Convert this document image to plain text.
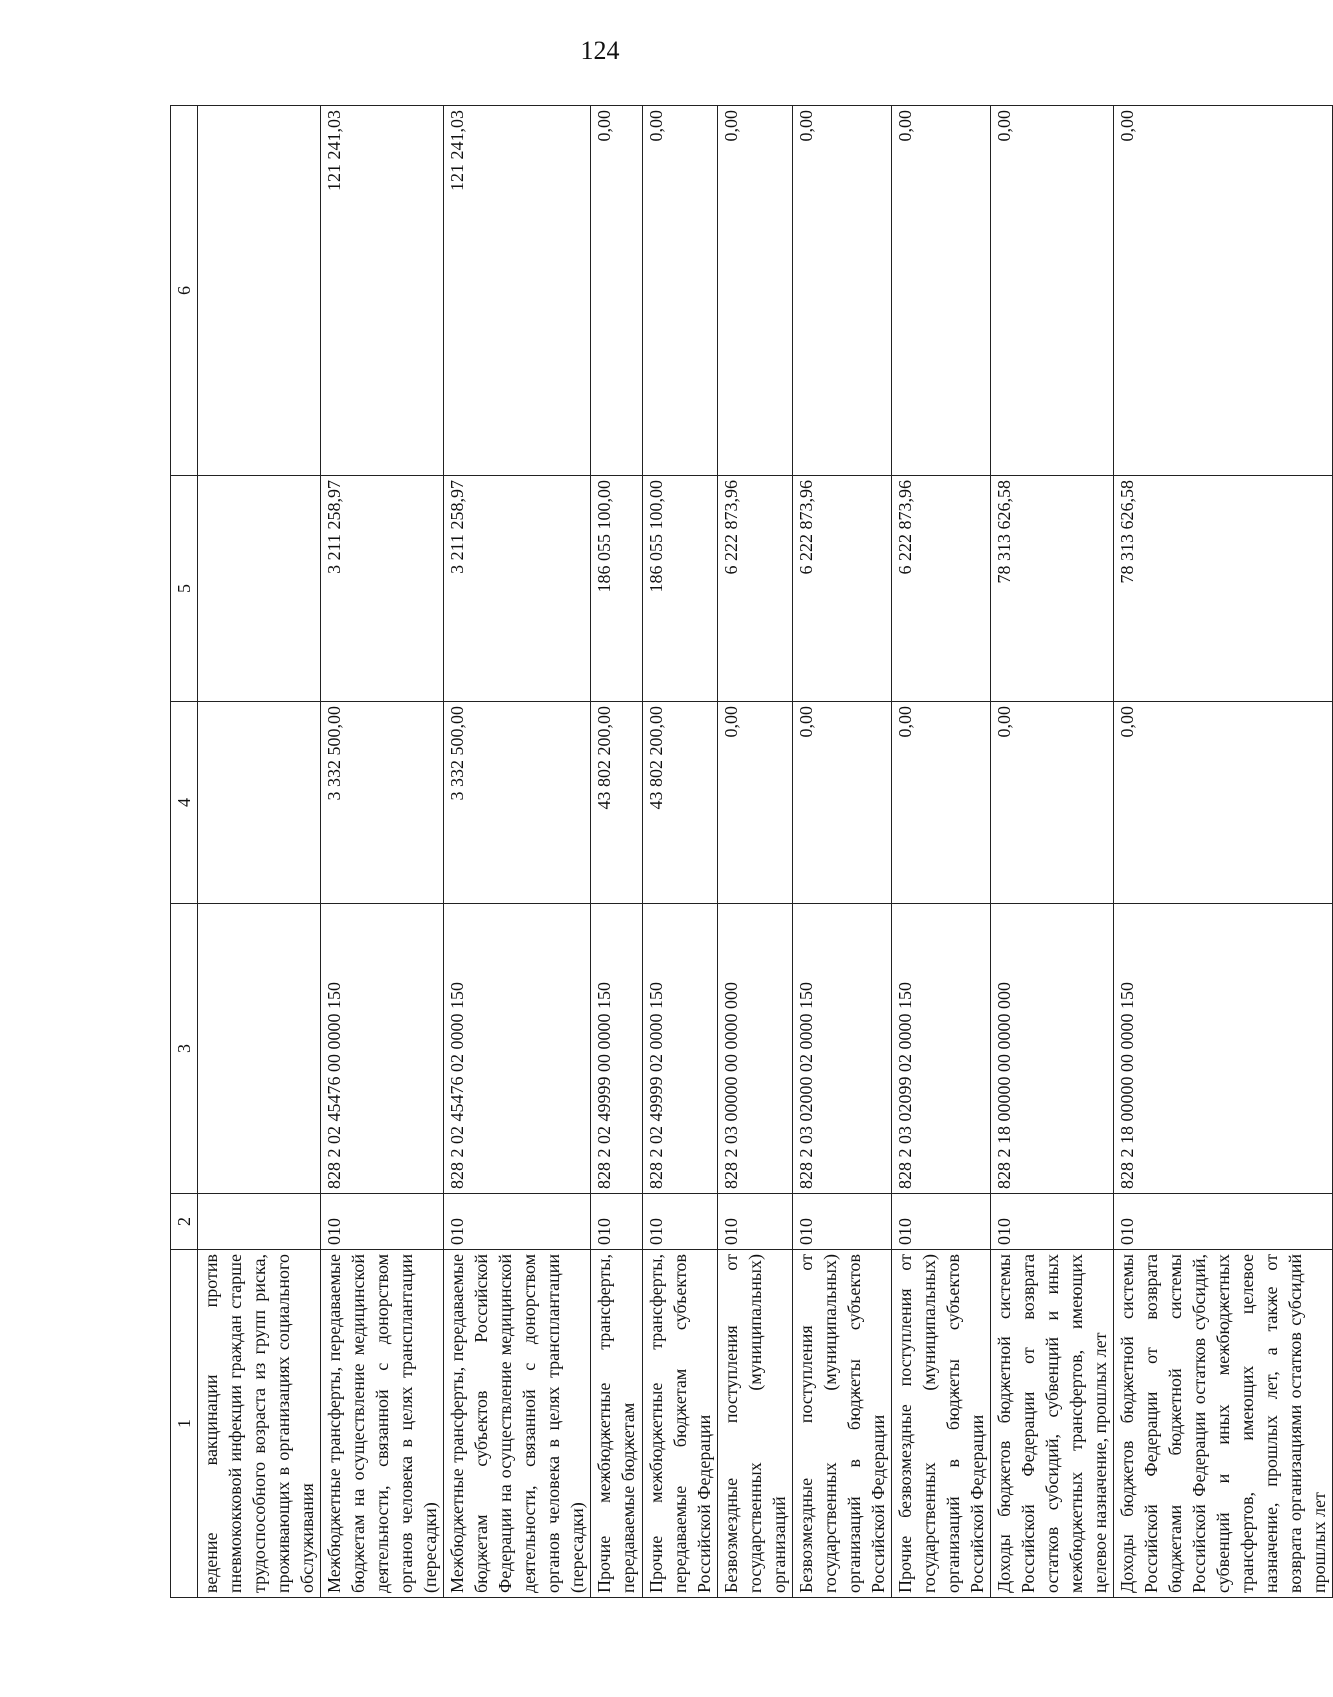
124
1	2	3	4	5	6
ведение вакцинации против пневмококковой инфекции граждан старше трудоспособного возраста из групп риска, проживающих в организациях социального обслуживания					
Межбюджетные трансферты, передаваемые бюджетам на осуществление медицинской деятельности, связанной с донорством органов человека в целях трансплантации (пересадки)	010	828 2 02 45476 00 0000 150	3 332 500,00	3 211 258,97	121 241,03
Межбюджетные трансферты, передаваемые бюджетам субъектов Российской Федерации на осуществление медицинской деятельности, связанной с донорством органов человека в целях трансплантации (пересадки)	010	828 2 02 45476 02 0000 150	3 332 500,00	3 211 258,97	121 241,03
Прочие межбюджетные трансферты, передаваемые бюджетам	010	828 2 02 49999 00 0000 150	43 802 200,00	186 055 100,00	0,00
Прочие межбюджетные трансферты, передаваемые бюджетам субъектов Российской Федерации	010	828 2 02 49999 02 0000 150	43 802 200,00	186 055 100,00	0,00
Безвозмездные поступления от государственных (муниципальных) организаций	010	828 2 03 00000 00 0000 000	0,00	6 222 873,96	0,00
Безвозмездные поступления от государственных (муниципальных) организаций в бюджеты субъектов Российской Федерации	010	828 2 03 02000 02 0000 150	0,00	6 222 873,96	0,00
Прочие безвозмездные поступления от государственных (муниципальных) организаций в бюджеты субъектов Российской Федерации	010	828 2 03 02099 02 0000 150	0,00	6 222 873,96	0,00
Доходы бюджетов бюджетной системы Российской Федерации от возврата остатков субсидий, субвенций и иных межбюджетных трансфертов, имеющих целевое назначение, прошлых лет	010	828 2 18 00000 00 0000 000	0,00	78 313 626,58	0,00
Доходы бюджетов бюджетной системы Российской Федерации от возврата бюджетами бюджетной системы Российской Федерации остатков субсидий, субвенций и иных межбюджетных трансфертов, имеющих целевое назначение, прошлых лет, а также от возврата организациями остатков субсидий прошлых лет	010	828 2 18 00000 00 0000 150	0,00	78 313 626,58	0,00
